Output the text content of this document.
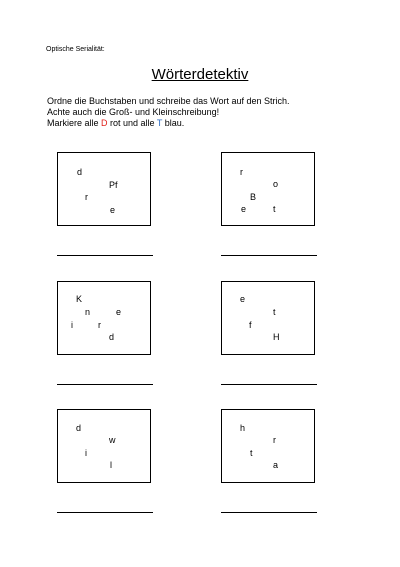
Optische Serialität:
Wörterdetektiv
Ordne die Buchstaben und schreibe das Wort auf den Strich.
Achte auch die Groß- und Kleinschreibung!
Markiere alle D rot und alle T blau.
d
Pf
r
e
r
o
B
e	t
K
n	e
i	r
d
e
t
f
H
d
w
i
l
h
r
t
a
